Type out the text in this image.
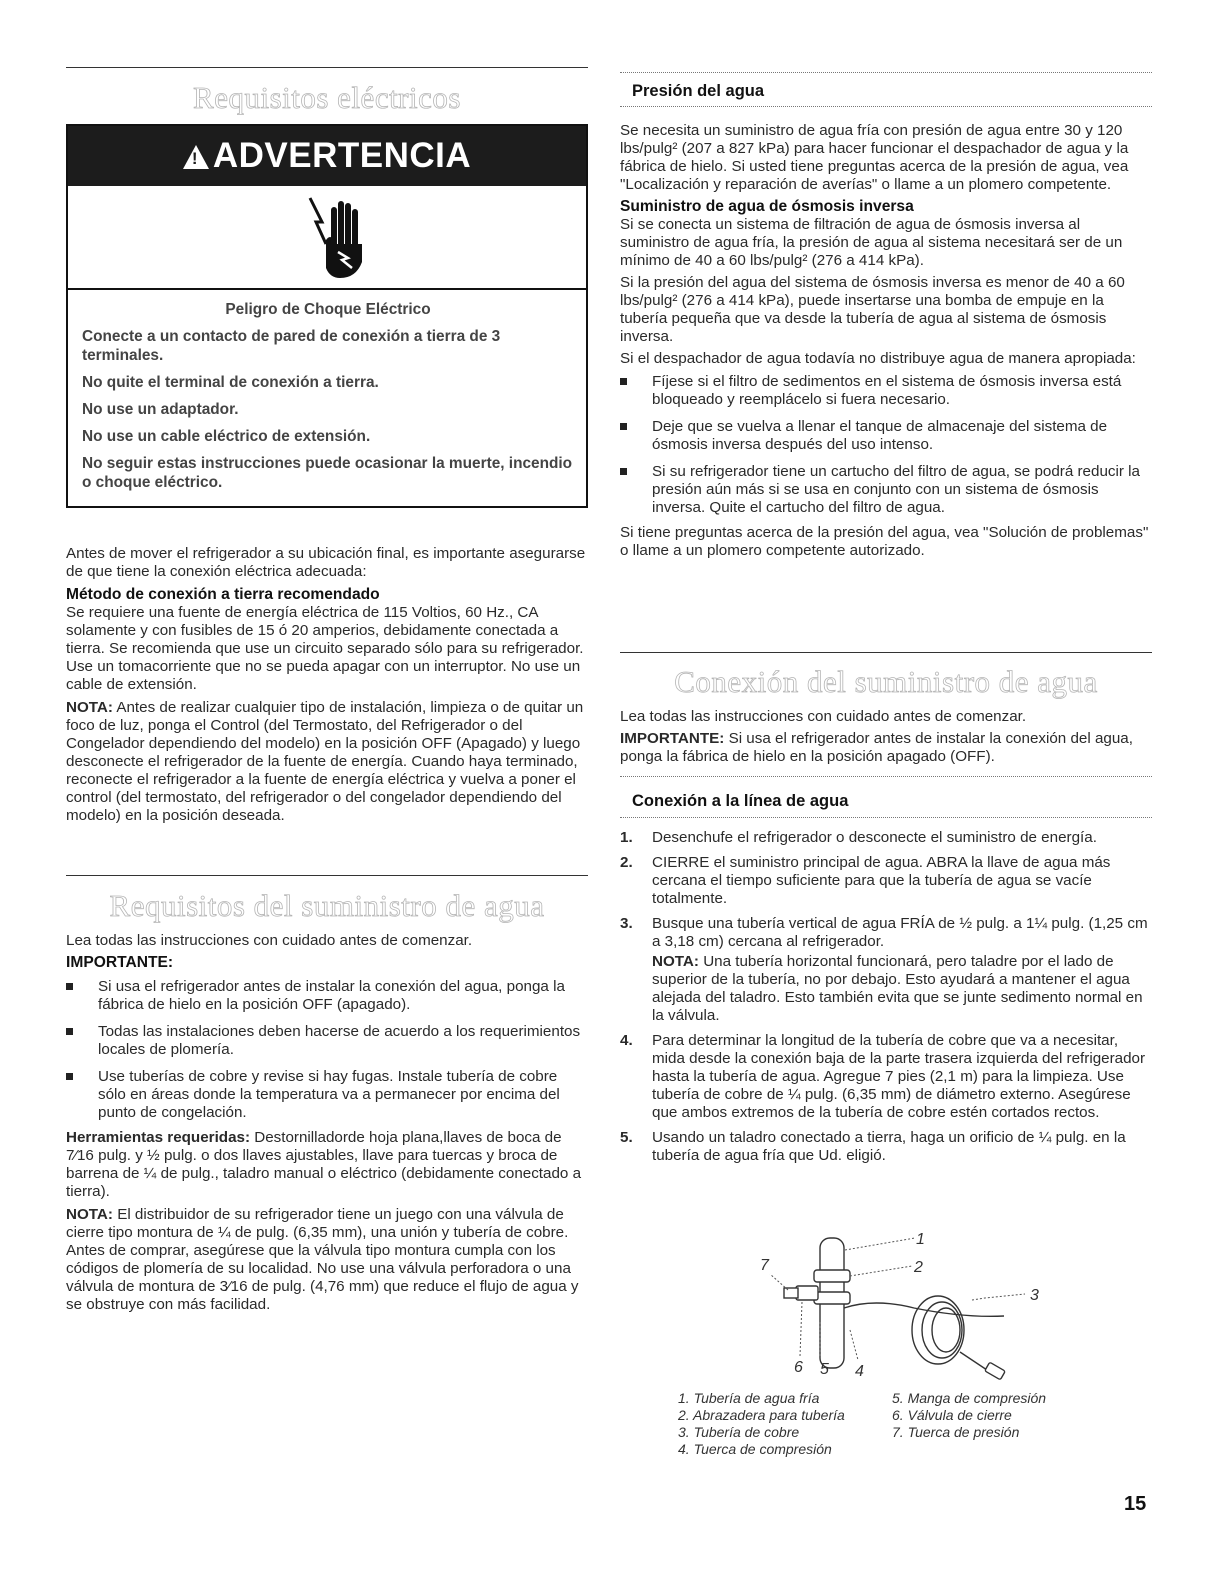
Requisitos eléctricos
! ADVERTENCIA

Peligro de Choque Eléctrico

Conecte a un contacto de pared de conexión a tierra de 3 terminales.

No quite el terminal de conexión a tierra.

No use un adaptador.

No use un cable eléctrico de extensión.

No seguir estas instrucciones puede ocasionar la muerte, incendio o choque eléctrico.

Antes de mover el refrigerador a su ubicación final, es importante asegurarse de que tiene la conexión eléctrica adecuada:

Método de conexión a tierra recomendado

Se requiere una fuente de energía eléctrica de 115 Voltios, 60 Hz., CA solamente y con fusibles de 15 ó 20 amperios, debidamente conectada a tierra. Se recomienda que use un circuito separado sólo para su refrigerador. Use un tomacorriente que no se pueda apagar con un interruptor. No use un cable de extensión.

NOTA: Antes de realizar cualquier tipo de instalación, limpieza o de quitar un foco de luz, ponga el Control (del Termostato, del Refrigerador o del Congelador dependiendo del modelo) en la posición OFF (Apagado) y luego desconecte el refrigerador de la fuente de energía. Cuando haya terminado, reconecte el refrigerador a la fuente de energía eléctrica y vuelva a poner el control (del termostato, del refrigerador o del congelador dependiendo del modelo) en la posición deseada.

Requisitos del suministro de agua

Lea todas las instrucciones con cuidado antes de comenzar.

IMPORTANTE:
Si usa el refrigerador antes de instalar la conexión del agua, ponga la fábrica de hielo en la posición OFF (apagado).
Todas las instalaciones deben hacerse de acuerdo a los requerimientos locales de plomería.
Use tuberías de cobre y revise si hay fugas. Instale tubería de cobre sólo en áreas donde la temperatura va a permanecer por encima del punto de congelación.

Herramientas requeridas: Destornilladorde hoja plana,llaves de boca de 7⁄16 pulg. y ½ pulg. o dos llaves ajustables, llave para tuercas y broca de barrena de ¼ de pulg., taladro manual o eléctrico (debidamente conectado a tierra).

NOTA: El distribuidor de su refrigerador tiene un juego con una válvula de cierre tipo montura de ¼ de pulg. (6,35 mm), una unión y tubería de cobre. Antes de comprar, asegúrese que la válvula tipo montura cumpla con los códigos de plomería de su localidad. No use una válvula perforadora o una válvula de montura de 3⁄16 de pulg. (4,76 mm) que reduce el flujo de agua y se obstruye con más facilidad.

Presión del agua

Se necesita un suministro de agua fría con presión de agua entre 30 y 120 lbs/pulg² (207 a 827 kPa) para hacer funcionar el despachador de agua y la fábrica de hielo. Si usted tiene preguntas acerca de la presión de agua, vea "Localización y reparación de averías" o llame a un plomero competente.

Suministro de agua de ósmosis inversa

Si se conecta un sistema de filtración de agua de ósmosis inversa al suministro de agua fría, la presión de agua al sistema necesitará ser de un mínimo de 40 a 60 lbs/pulg² (276 a 414 kPa).

Si la presión del agua del sistema de ósmosis inversa es menor de 40 a 60 lbs/pulg² (276 a 414 kPa), puede insertarse una bomba de empuje en la tubería pequeña que va desde la tubería de agua al sistema de ósmosis inversa.

Si el despachador de agua todavía no distribuye agua de manera apropiada:

Fíjese si el filtro de sedimentos en el sistema de ósmosis inversa está bloqueado y reemplácelo si fuera necesario.
Deje que se vuelva a llenar el tanque de almacenaje del sistema de ósmosis inversa después del uso intenso.
Si su refrigerador tiene un cartucho del filtro de agua, se podrá reducir la presión aún más si se usa en conjunto con un sistema de ósmosis inversa. Quite el cartucho del filtro de agua.

Si tiene preguntas acerca de la presión del agua, vea "Solución de problemas" o llame a un plomero competente autorizado.

Conexión del suministro de agua

Lea todas las instrucciones con cuidado antes de comenzar.

IMPORTANTE: Si usa el refrigerador antes de instalar la conexión del agua, ponga la fábrica de hielo en la posición apagado (OFF).

Conexión a la línea de agua
1. Desenchufe el refrigerador o desconecte el suministro de energía.
2. CIERRE el suministro principal de agua. ABRA la llave de agua más cercana el tiempo suficiente para que la tubería de agua se vacíe totalmente.
3. Busque una tubería vertical de agua FRÍA de ½ pulg. a 1¼ pulg. (1,25 cm a 3,18 cm) cercana al refrigerador.

NOTA: Una tubería horizontal funcionará, pero taladre por el lado de superior de la tubería, no por debajo. Esto ayudará a mantener el agua alejada del taladro. Esto también evita que se junte sedimento normal en la válvula.

4. Para determinar la longitud de la tubería de cobre que va a necesitar, mida desde la conexión baja de la parte trasera izquierda del refrigerador hasta la tubería de agua. Agregue 7 pies (2,1 m) para la limpieza. Use tubería de cobre de ¼ pulg. (6,35 mm) de diámetro externo. Asegúrese que ambos extremos de la tubería de cobre estén cortados rectos.
5. Usando un taladro conectado a tierra, haga un orificio de ¼ pulg. en la tubería de agua fría que Ud. eligió.
1
2
3
4
5
6
7
1. Tubería de agua fría
2. Abrazadera para tubería
3. Tubería de cobre
4. Tuerca de compresión
5. Manga de compresión
6. Válvula de cierre
7. Tuerca de presión
15
